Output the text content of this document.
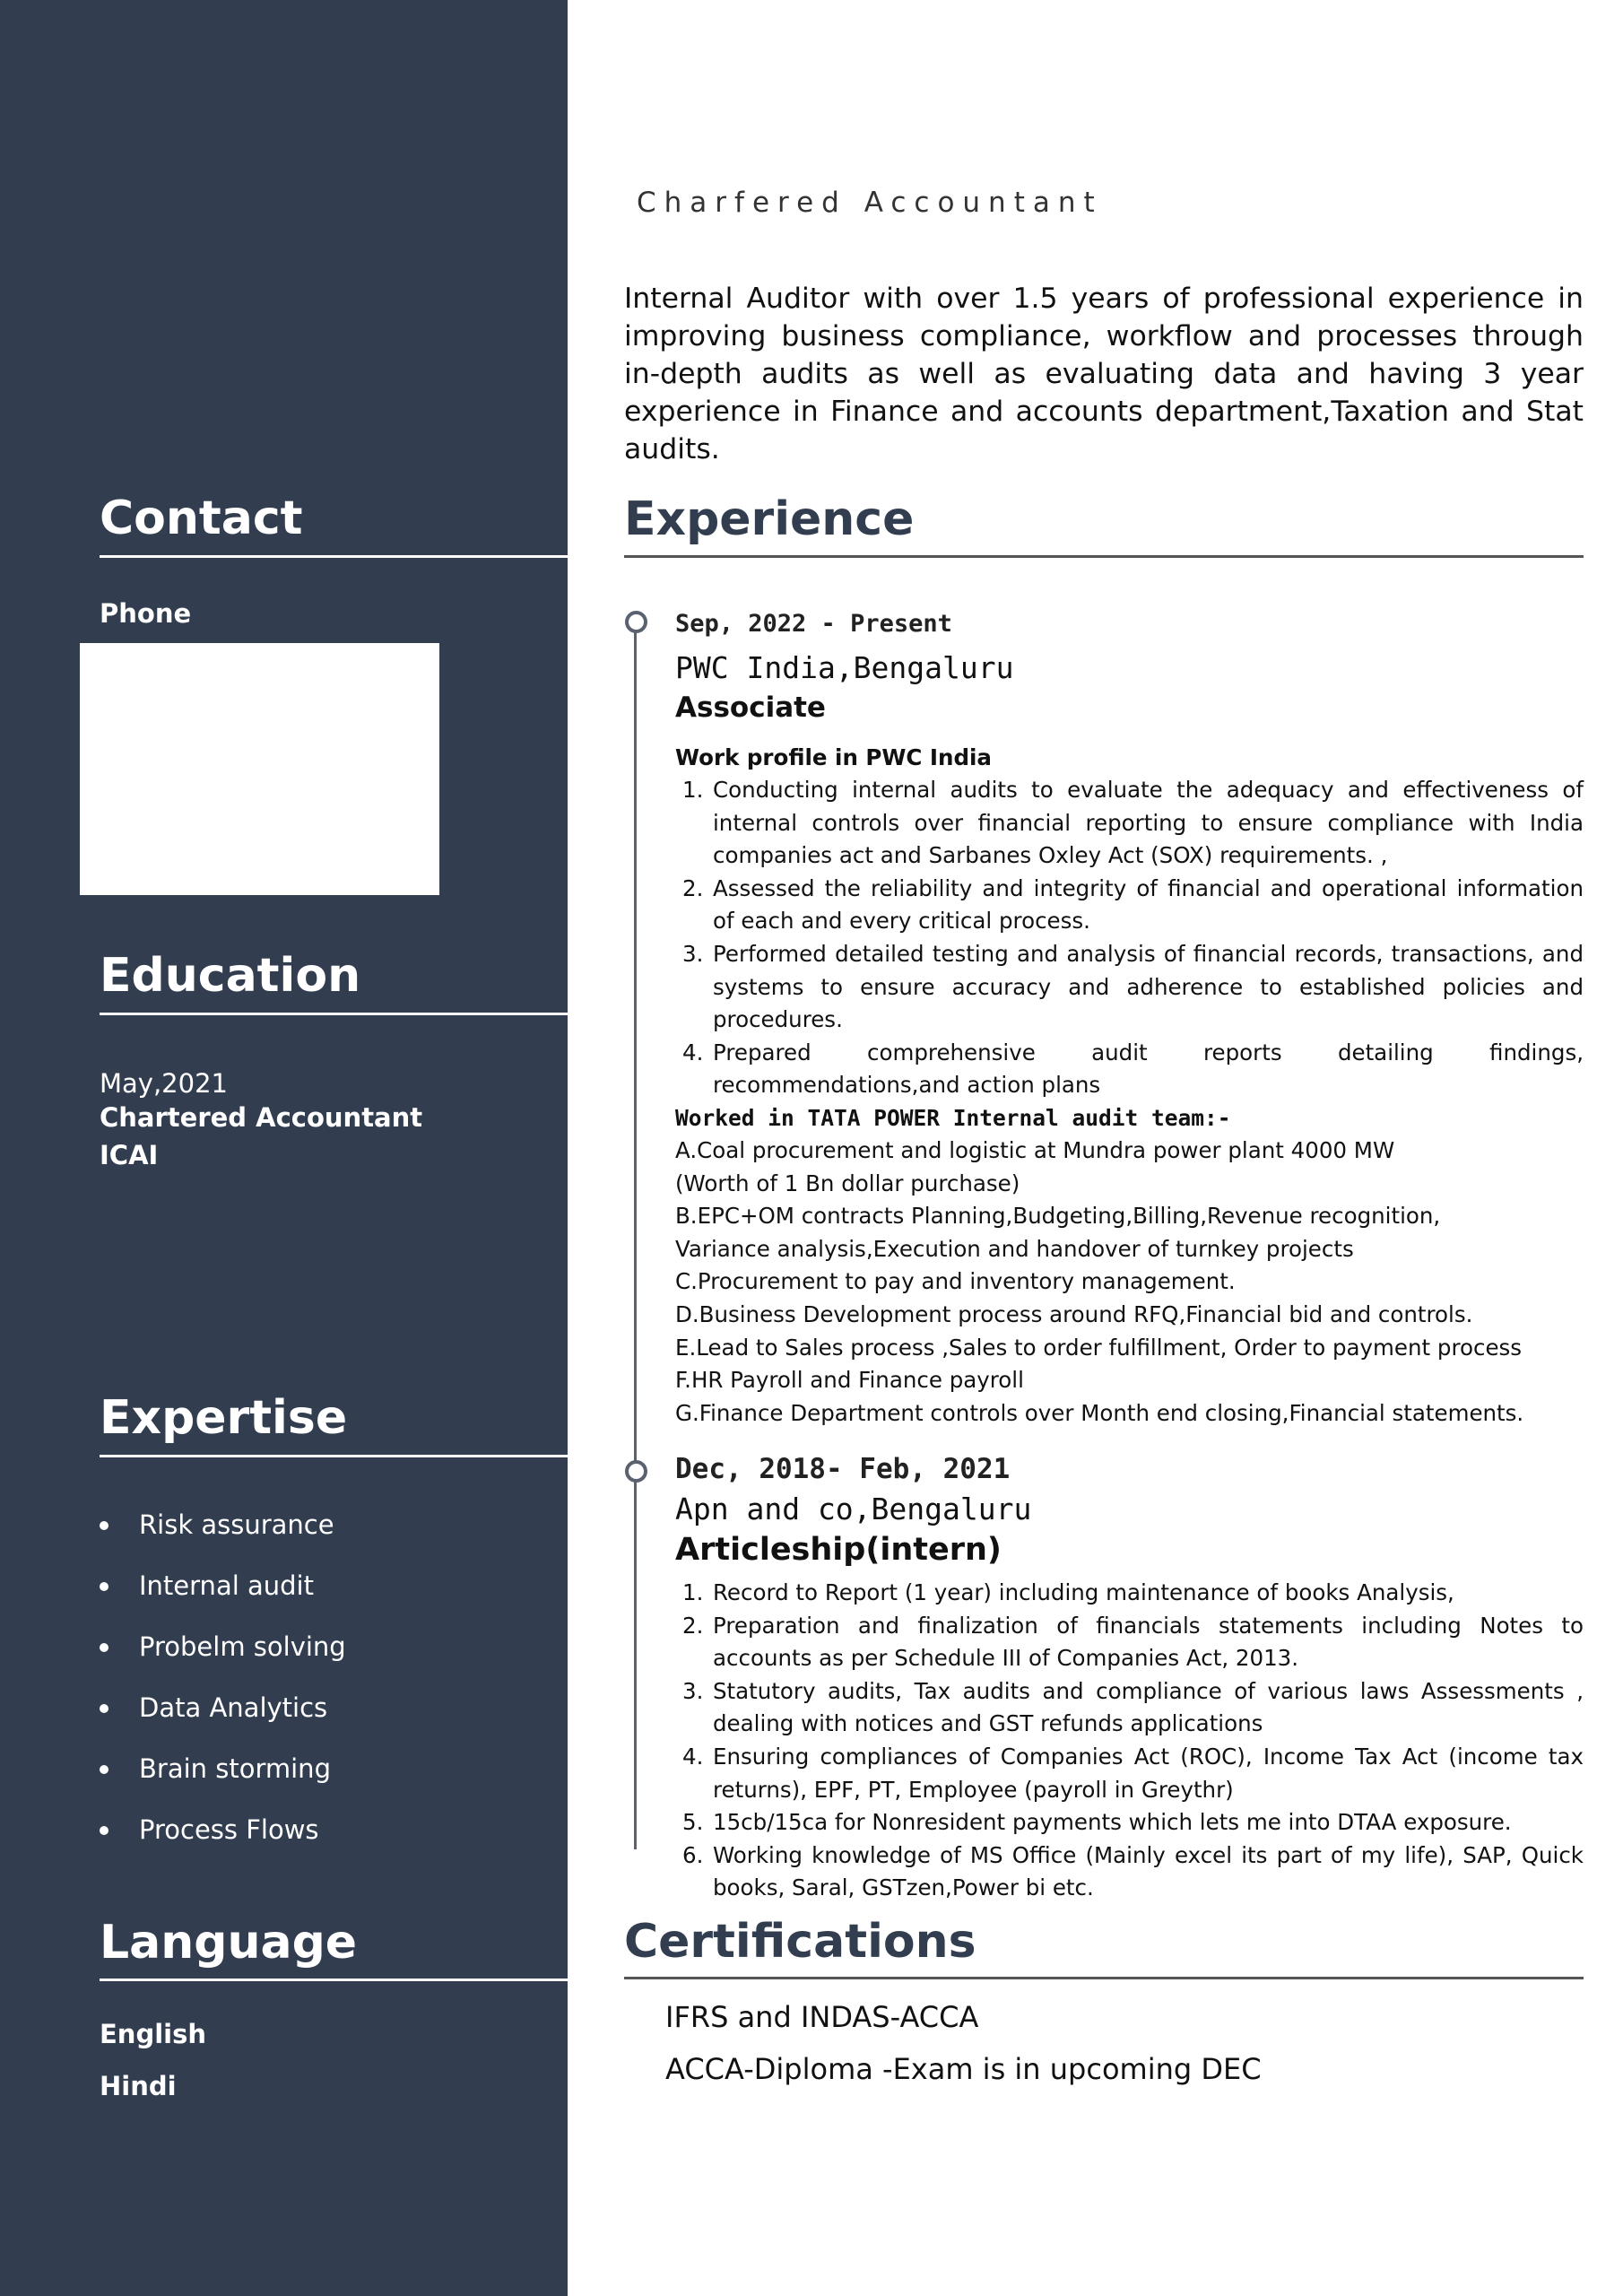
Contact
Phone
Education
May,2021
Chartered Accountant
ICAI
Expertise
Risk assurance
Internal audit
Probelm solving
Data Analytics
Brain storming
Process Flows
Language
English
Hindi
Charfered Accountant

Internal Auditor with over 1.5 years of professional experience in improving business compliance, workflow and processes through in-depth audits as well as evaluating data and having 3 year experience in Finance and accounts department,Taxation and Stat audits.

Experience
Sep, 2022 - Present
PWC India,Bengaluru
Associate
Work profile in PWC India
1. Conducting internal audits to evaluate the adequacy and effectiveness of internal controls over financial reporting to ensure compliance with India companies act and Sarbanes Oxley Act (SOX) requirements. ,
2. Assessed the reliability and integrity of financial and operational information of each and every critical process.
3. Performed detailed testing and analysis of financial records, transactions, and systems to ensure accuracy and adherence to established policies and procedures.
4. Prepared comprehensive audit reports detailing findings, recommendations,and action plans
Worked in TATA POWER Internal audit team:-
A.Coal procurement and logistic at Mundra power plant 4000 MW
(Worth of 1 Bn dollar purchase)
B.EPC+OM contracts Planning,Budgeting,Billing,Revenue recognition,
Variance analysis,Execution and handover of turnkey projects
C.Procurement to pay and inventory management.
D.Business Development process around RFQ,Financial bid and controls.
E.Lead to Sales process ,Sales to order fulfillment, Order to payment process
F.HR Payroll and Finance payroll
G.Finance Department controls over Month end closing,Financial statements.
Dec, 2018- Feb, 2021
Apn and co,Bengaluru
Articleship(intern)
1. Record to Report (1 year) including maintenance of books Analysis,
2. Preparation and finalization of financials statements including Notes to accounts as per Schedule III of Companies Act, 2013.
3. Statutory audits, Tax audits and compliance of various laws Assessments , dealing with notices and GST refunds applications
4. Ensuring compliances of Companies Act (ROC), Income Tax Act (income tax returns), EPF, PT, Employee (payroll in Greythr)
5. 15cb/15ca for Nonresident payments which lets me into DTAA exposure.
6. Working knowledge of MS Office (Mainly excel its part of my life), SAP, Quick books, Saral, GSTzen,Power bi etc.
Certifications
IFRS and INDAS-ACCA
ACCA-Diploma -Exam is in upcoming DEC
